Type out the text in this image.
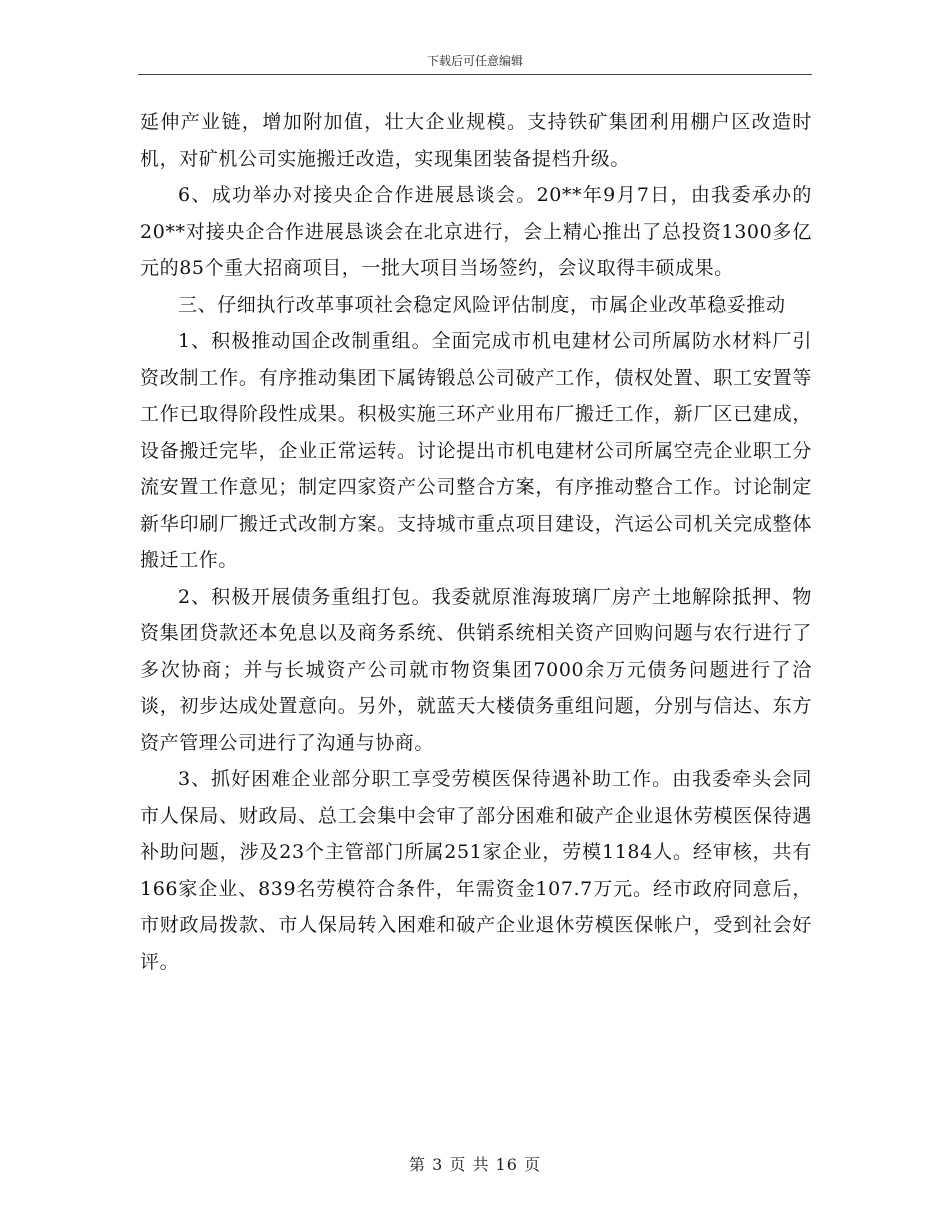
下载后可任意编辑

延伸产业链，增加附加值，壮大企业规模。支持铁矿集团利用棚户区改造时机，对矿机公司实施搬迁改造，实现集团装备提档升级。

6、成功举办对接央企合作进展恳谈会。20**年9月7日，由我委承办的20**对接央企合作进展恳谈会在北京进行，会上精心推出了总投资1300多亿元的85个重大招商项目，一批大项目当场签约，会议取得丰硕成果。

三、仔细执行改革事项社会稳定风险评估制度，市属企业改革稳妥推动

1、积极推动国企改制重组。全面完成市机电建材公司所属防水材料厂引资改制工作。有序推动集团下属铸锻总公司破产工作，债权处置、职工安置等工作已取得阶段性成果。积极实施三环产业用布厂搬迁工作，新厂区已建成，设备搬迁完毕，企业正常运转。讨论提出市机电建材公司所属空壳企业职工分流安置工作意见；制定四家资产公司整合方案，有序推动整合工作。讨论制定新华印刷厂搬迁式改制方案。支持城市重点项目建设，汽运公司机关完成整体搬迁工作。

2、积极开展债务重组打包。我委就原淮海玻璃厂房产土地解除抵押、物资集团贷款还本免息以及商务系统、供销系统相关资产回购问题与农行进行了多次协商；并与长城资产公司就市物资集团7000余万元债务问题进行了洽谈，初步达成处置意向。另外，就蓝天大楼债务重组问题，分别与信达、东方资产管理公司进行了沟通与协商。

3、抓好困难企业部分职工享受劳模医保待遇补助工作。由我委牵头会同市人保局、财政局、总工会集中会审了部分困难和破产企业退休劳模医保待遇补助问题，涉及23个主管部门所属251家企业，劳模1184人。经审核，共有166家企业、839名劳模符合条件，年需资金107.7万元。经市政府同意后，市财政局拨款、市人保局转入困难和破产企业退休劳模医保帐户，受到社会好评。

第 3 页 共 16 页
